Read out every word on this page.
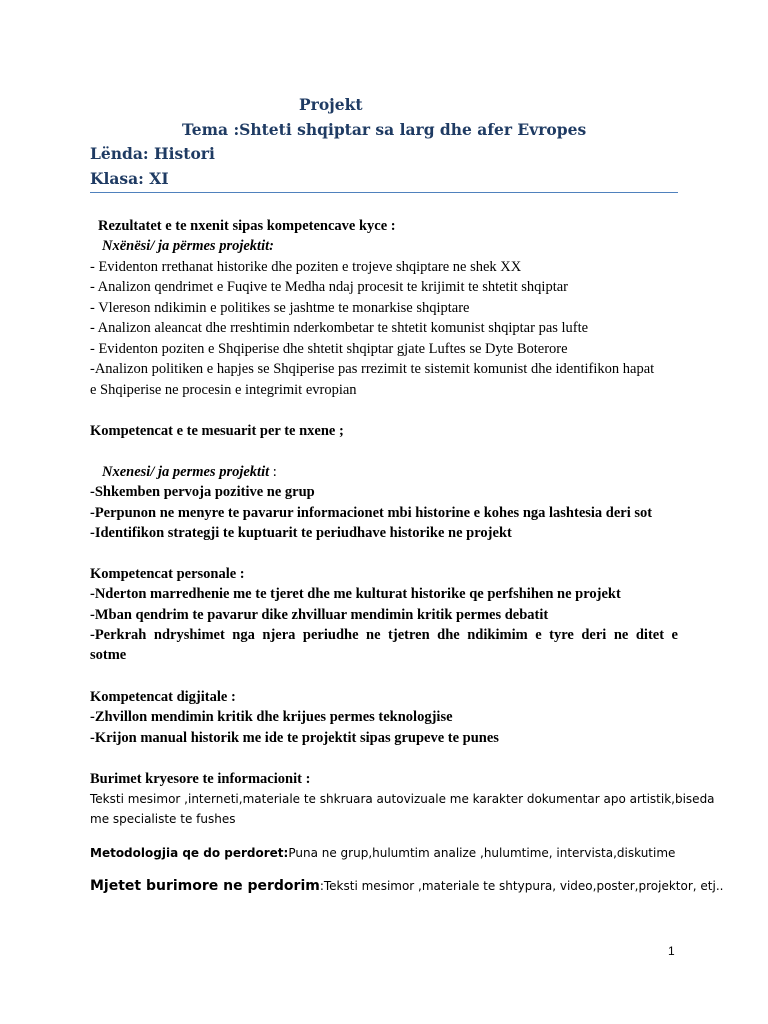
Projekt
Tema :Shteti shqiptar sa larg dhe afer Evropes
Lënda: Histori
Klasa: XI
Rezultatet e te nxenit sipas kompetencave kyce :
Nxënësi/ ja përmes projektit:
- Evidenton rrethanat historike dhe poziten e trojeve shqiptare ne shek XX
- Analizon qendrimet e Fuqive te Medha ndaj procesit te krijimit te shtetit shqiptar
- Vlereson ndikimin e politikes se jashtme te monarkise shqiptare
- Analizon aleancat dhe rreshtimin nderkombetar te shtetit komunist shqiptar pas lufte
- Evidenton poziten e Shqiperise dhe shtetit shqiptar gjate Luftes se Dyte Boterore
-Analizon politiken e hapjes se Shqiperise pas rrezimit te sistemit komunist dhe identifikon hapat
e Shqiperise ne procesin e integrimit evropian
Kompetencat e te mesuarit per te nxene ;
Nxenesi/ ja permes projektit :
-Shkemben pervoja pozitive ne grup
-Perpunon ne menyre te pavarur informacionet mbi historine e kohes nga lashtesia deri sot
-Identifikon strategji te kuptuarit te periudhave historike ne projekt
Kompetencat personale :
-Nderton marredhenie me te tjeret dhe me kulturat historike qe perfshihen ne projekt
-Mban qendrim te pavarur dike zhvilluar mendimin kritik permes debatit
-Perkrah ndryshimet nga njera periudhe ne tjetren dhe ndikimim e tyre deri ne ditet e
sotme
Kompetencat digjitale :
-Zhvillon mendimin kritik dhe krijues permes teknologjise
-Krijon manual historik me ide te projektit sipas grupeve te punes
Burimet kryesore te informacionit :
Teksti mesimor ,interneti,materiale te shkruara autovizuale me karakter dokumentar apo artistik,biseda
me specialiste te fushes
Metodologjia qe do perdoret:Puna ne grup,hulumtim analize ,hulumtime, intervista,diskutime
Mjetet burimore ne perdorim:Teksti mesimor ,materiale te shtypura, video,poster,projektor, etj..
1
